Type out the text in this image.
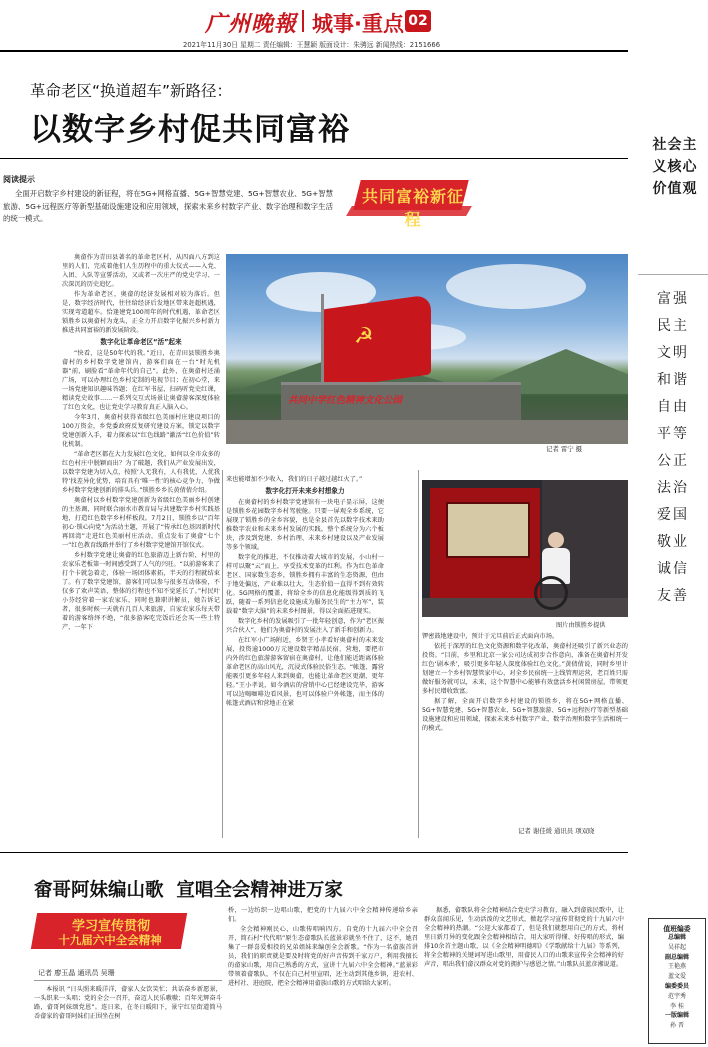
广州晚報 城事·重点 02
2021年11月30日 星期二 责任编辑：王慧颖 版面设计：朱骋远 新闻热线：2151666
革命老区“换道超车”新路径：
以数字乡村促共同富裕
阅读提示
全面开启数字乡村建设的新征程，将在5G+网格直播、5G+智慧党建、5G+智慧农业、5G+智慧旅游、5G+远程医疗等新型基础设施建设和应用领域，探索未来乡村数字产业、数字治理和数字生活的统一模式。
共同富裕新征程

奥畲作为青田县著名的革命老区村，从四面八方到这里的人们，完成着他们人生历程中的重大仪式——入党、入团、入队等宣誓活动，又或者一次庄严的党史学习、一次深沉的历史追忆。

作为革命老区，奥畲的经济发展相对较为落后。但是，数字经济时代，往往给经济后发地区带来赶超机遇，实现弯道超车。恰逢建党100周年的时代机遇，革命老区锁胜乡以奥畲村为龙头，正全力开启数字化振兴乡村新力推进共同富裕的新发展阶段。

数字化让革命老区“活”起来

“快看，这是50年代的我。”近日，在青田县锁胜乡奥畲村的乡村数字党建馆内，游客们面在一台“时光机器”前，刷脸看“革命年代的自己”。此外，在奥畲村还涌广场，可以办理红色乡村定制的电视节目；在初心堂，来一场党建知识趣味答题；在红军书屋，扫码听党史红课，精读党史故事……一系列交互式场景让奥畲游客深度体验了红色文化，也让党史学习教育真正入脑入心。

今年3月，奥畲村获得省级红色美丽村庄建设项目的100万资金，乡党委政府反复研究建设方案，锁定以数字党建创新入手，着力探索以“红色线路”激活“红色价值”转化机制。

“革命老区都在大力发展红色文化，如何以全市众多的红色村庄中脱颖而出？为了破题，我们从产业发展出发，以数字党建为切入点，按照‘人无我有，人有我优，人优我特’找差异化优势，培育具有‘唯一性’的核心竞争力，争做乡村数字党建创新的排头兵。”锁胜乡乡长黄倩倩介绍。

奥畲村以乡村数字党建创新为省级红色美丽乡村创建的主基调，同时联合丽水市教育局与共建数字乡村实践基地，打造红色数字乡村样板段。7月2日，锁胜乡以“百年初心·锁心向党”为活动主题，开展了“传承红色基因新时代 再回湾”走进红色美丽村庄活动，重点发布了奥畲“七个一”红色教育线路并举行了乡村数字党建馆开馆仪式。

乡村数字党建让奥畲的红色旅游迈上新台阶，村里的农家乐老板第一时间感受到了人气的兴旺。“以前游客来了打个卡就急着走，体验一场团体素拓，半天的行程就结束了。有了数字党建馆，游客们可以参与很多互动体验，不仅多了欢声笑语，整体的行程也不知不觉延长了。”村民叶小芬经营着一家农家乐，同时也兼职讲解员，她告诉记者，很多时候一天就有几百人来旅游，自家农家乐每天带着的游客络绎不绝，“很多游客吃完饭后还会买一些土特产，一年下

☭
共同中学红色精神文化公园
记者 雷宁 摄

来也能增加不少收入，我们的日子越过越红火了。”

数字化打开未来乡村想象力

在奥畲村的乡村数字党建馆有一块电子显示屏，这便是锁胜乡花园数字乡村驾驶舱。只要一屏观全乡系统，它展现了锁胜乡的全乡容貌，也是全县首先以数字技术来助推数字农业和未来乡村发展的实践。整个系统分为六个板块，涉及到党建、乡村治理、未来乡村建设以及产业发展等多个领域。

数字化的推进，不仅推动着大城市的发展，小山村一样可以聚“云”而上，享受技术变革的红利。作为红色革命老区、国家数生态乡，锁胜乡拥有丰富的生态资源，但由于地处偏远，产业难以壮大，生态价值一直得不到有效转化。5G网格的覆盖，将给全乡的信息化能级得到质的飞跃，随着一系列信息化设施成为服务民生的“主力军”，装载着“数字大脑”的未来乡村图景，得以全面拓进现实。

数字化乡村的发展吸引了一批年轻创意，作为“老区振兴合伙人”，他们为奥畲村的发展注入了新手和创新力。

在红军小广场附近，乡贤王小孝看好奥畲村的未来发展，投资逾1000万元建设数字精品民宿、营地，要把市内外的红色旅游游客留宿在奥畲村，让他们能近距离体验革命老区的高山风光，沉浸式体验民俗生态。“帐篷、露营能吸引更多年轻人来到奥畲，也能让革命老区更潮、更年轻。”王小孝说，如今酒店的营销中心已经建设完毕，游客可以边喝咖啡边看风景，也可以体验户外帐篷，而主体的帐篷式酒店和营地正在紧

图片由锁胜乡提供

锣密鼓地建设中，预计于元旦前后正式面向市场。

依托于深厚的红色文化资源和数字化改革，奥畲村还吸引了新兴业态的投资。“目前，乡里和北京一家公司达成初步合作意向，准备在奥畲村开发红色‘剧本杀’，吸引更多年轻人深度体验红色文化。”黄倩倩说，同时乡里计划建立一个乡村智慧管家中心，对全乡民宿统一上线管理运营，老百姓只需做好服务就可以，未来，这个智慧中心能够有效盘活乡村闲置房屋，带领更多村民增收致富。

据了解，全面开启数字乡村建设的锁胜乡，将在5G+网格直播、5G+智慧党建、5G+智慧农业、5G+智慧旅游、5G+远程医疗等新型基础设施建设和应用领域，探索未来乡村数字产业、数字治理和数字生活相统一的模式。

记者 谢佳煖 通讯员 项双晓
社会主义核心价值观
富强
民主
文明
和谐
自由
平等
公正
法治
爱国
敬业
诚信
友善
畲哥阿妹编山歌  宣唱全会精神进万家
学习宣传贯彻
十九届六中全会精神
记者 廖玉晶 通讯员 吴珊

本报讯 “日头照来暖洋洋，畲家人女饮笑忙；共话奋乡新愿景，一头织来一头唱；党的全会一召开，奋迈人民乐嗷嗷；百年光辉奋斗路，畲哥阿妹颂党恩”。连日来，在冬日暖阳下，景宁红星街道简马岙畲家的畲哥阿妹们正围坐在树

桥，一边纺织一边唱山歌，把党的十九届六中全会精神传递给乡亲们。

全会精神刚民心，山歌传唱响四方。自党的十九届六中全会召开，简石村“代代唱”原生态畲歌队长蓝景彩就坐不住了，这不，她召集了一群喜爱相投的兄弟姐妹来编创全会新歌。“作为一名畲族首讲员，我们的职责就是要及时将党的好声音传到千家万户，利用我擅长的畲家山歌，用自己熟悉的方式，宣讲十九届六中全会精神。”蓝景彩带领着畲歌队，不仅在自己村里宣唱，还主动到其他乡镇，进农村、进村社、进庭院，把全会精神用畲族山歌的方式唱给大家听。

据悉，畲歌队将全会精神结合党史学习教育，融入到畲族民歌中，让群众喜闻乐见，生动活泼的文艺形式，掀起学习宣传贯彻党的十九届六中全会精神的热潮。“公迎大家都看了，但是我们就想用自己的方式，将村里日新月异的变化跟全会精神相结合，用大家听得懂、好传唱的形式，编排10余首主题山歌，以《全会精神明德唱》《学歌献给十九届》等系列，将全会精神的关键词写进山歌里，用畲民人口的山歌来宣传全会精神的好声音，唱出我们畲汉群众对党的拥护与感恩之情。”山歌队员蓝彦湘说道。

值班编委
总编辑
吴祥起
副总编辑
王艳燕
蓝文爱
编委委员
范宇秀
李 桂
一版编辑
孙 晋
